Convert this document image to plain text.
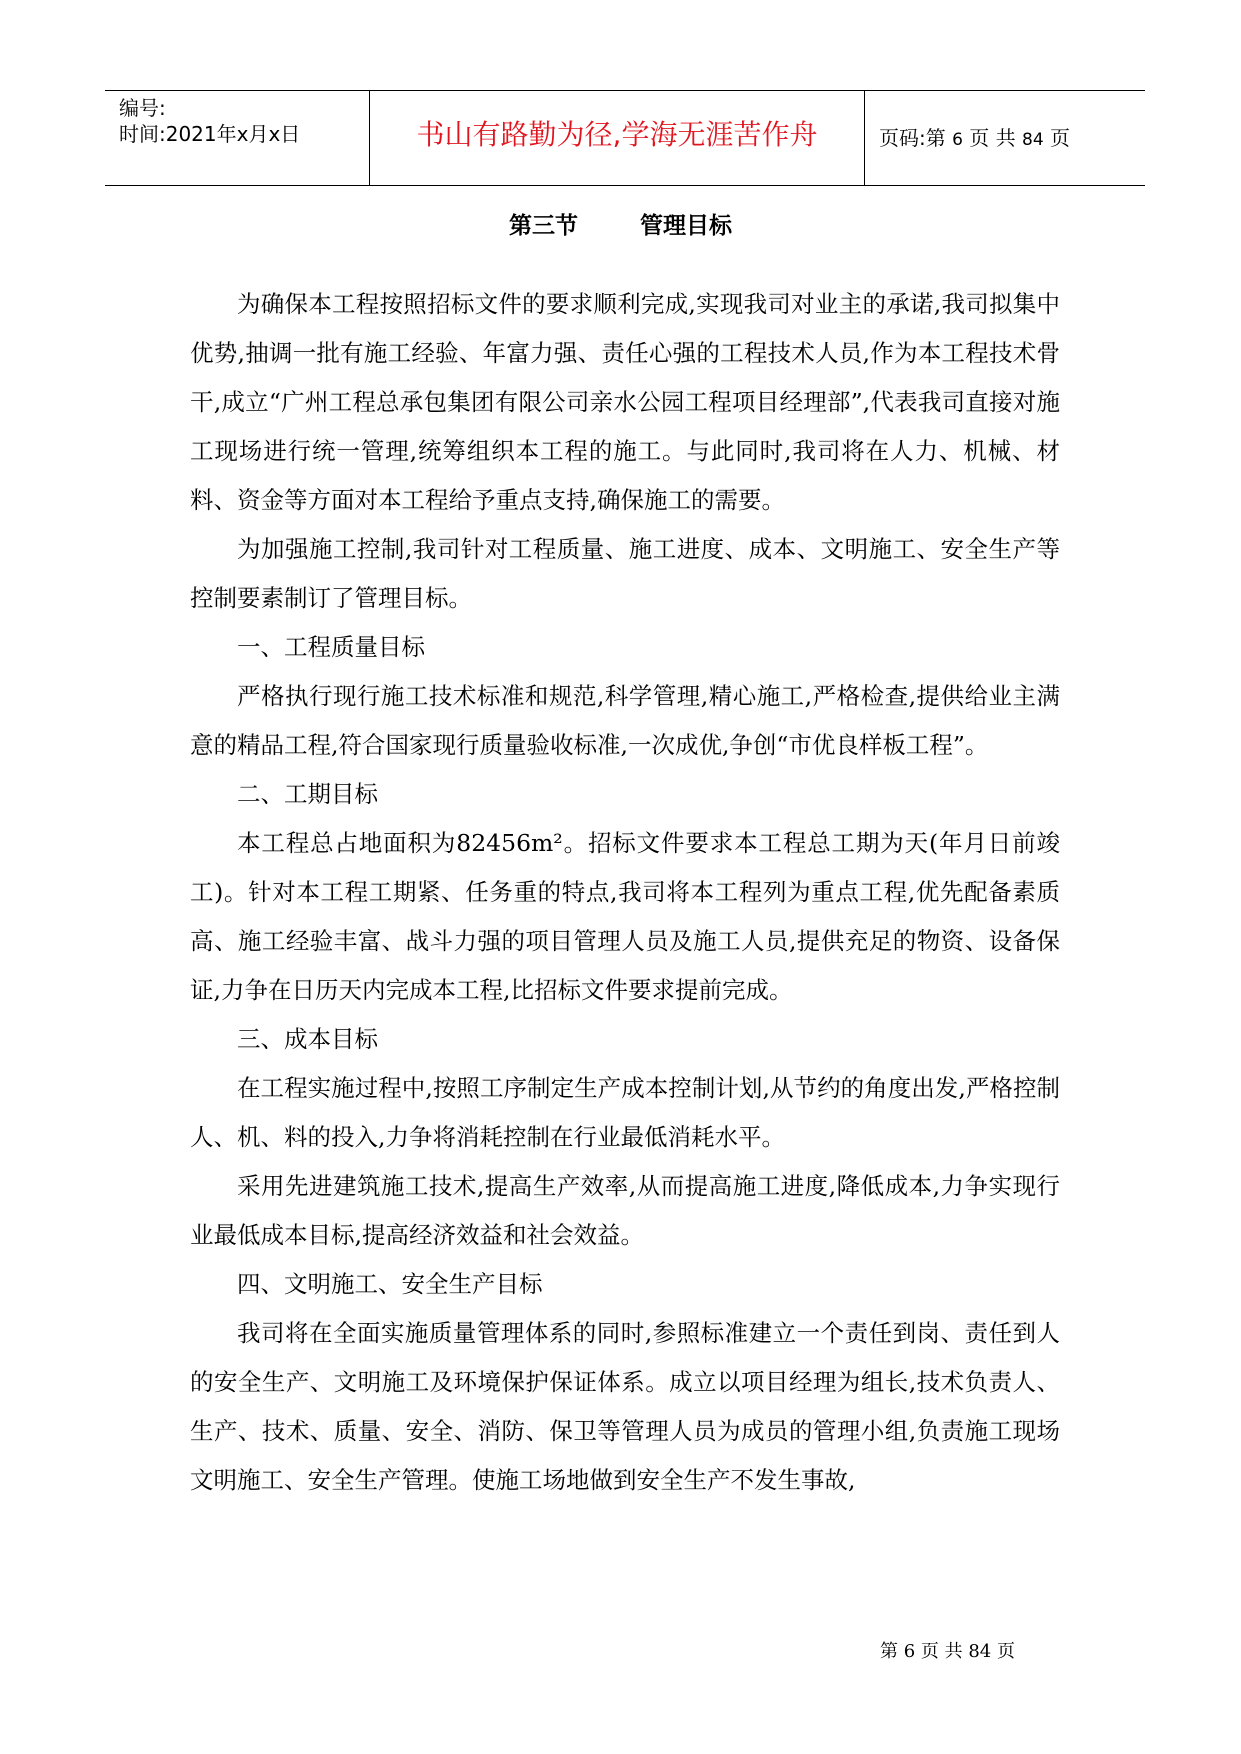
编号:
时间:2021年x月x日	书山有路勤为径,学海无涯苦作舟	页码:第 6 页 共 84 页
第三节	管理目标

为确保本工程按照招标文件的要求顺利完成,实现我司对业主的承诺,我司拟集中优势,抽调一批有施工经验、年富力强、责任心强的工程技术人员,作为本工程技术骨干,成立“广州工程总承包集团有限公司亲水公园工程项目经理部”,代表我司直接对施工现场进行统一管理,统筹组织本工程的施工。与此同时,我司将在人力、机械、材料、资金等方面对本工程给予重点支持,确保施工的需要。

为加强施工控制,我司针对工程质量、施工进度、成本、文明施工、安全生产等控制要素制订了管理目标。

一、工程质量目标

严格执行现行施工技术标准和规范,科学管理,精心施工,严格检查,提供给业主满意的精品工程,符合国家现行质量验收标准,一次成优,争创“市优良样板工程”。

二、工期目标

本工程总占地面积为82456m²。招标文件要求本工程总工期为天(年月日前竣工)。针对本工程工期紧、任务重的特点,我司将本工程列为重点工程,优先配备素质高、施工经验丰富、战斗力强的项目管理人员及施工人员,提供充足的物资、设备保证,力争在日历天内完成本工程,比招标文件要求提前完成。

三、成本目标

在工程实施过程中,按照工序制定生产成本控制计划,从节约的角度出发,严格控制人、机、料的投入,力争将消耗控制在行业最低消耗水平。

采用先进建筑施工技术,提高生产效率,从而提高施工进度,降低成本,力争实现行业最低成本目标,提高经济效益和社会效益。

四、文明施工、安全生产目标

我司将在全面实施质量管理体系的同时,参照标准建立一个责任到岗、责任到人的安全生产、文明施工及环境保护保证体系。成立以项目经理为组长,技术负责人、生产、技术、质量、安全、消防、保卫等管理人员为成员的管理小组,负责施工现场文明施工、安全生产管理。使施工场地做到安全生产不发生事故,

第 6 页 共 84 页
